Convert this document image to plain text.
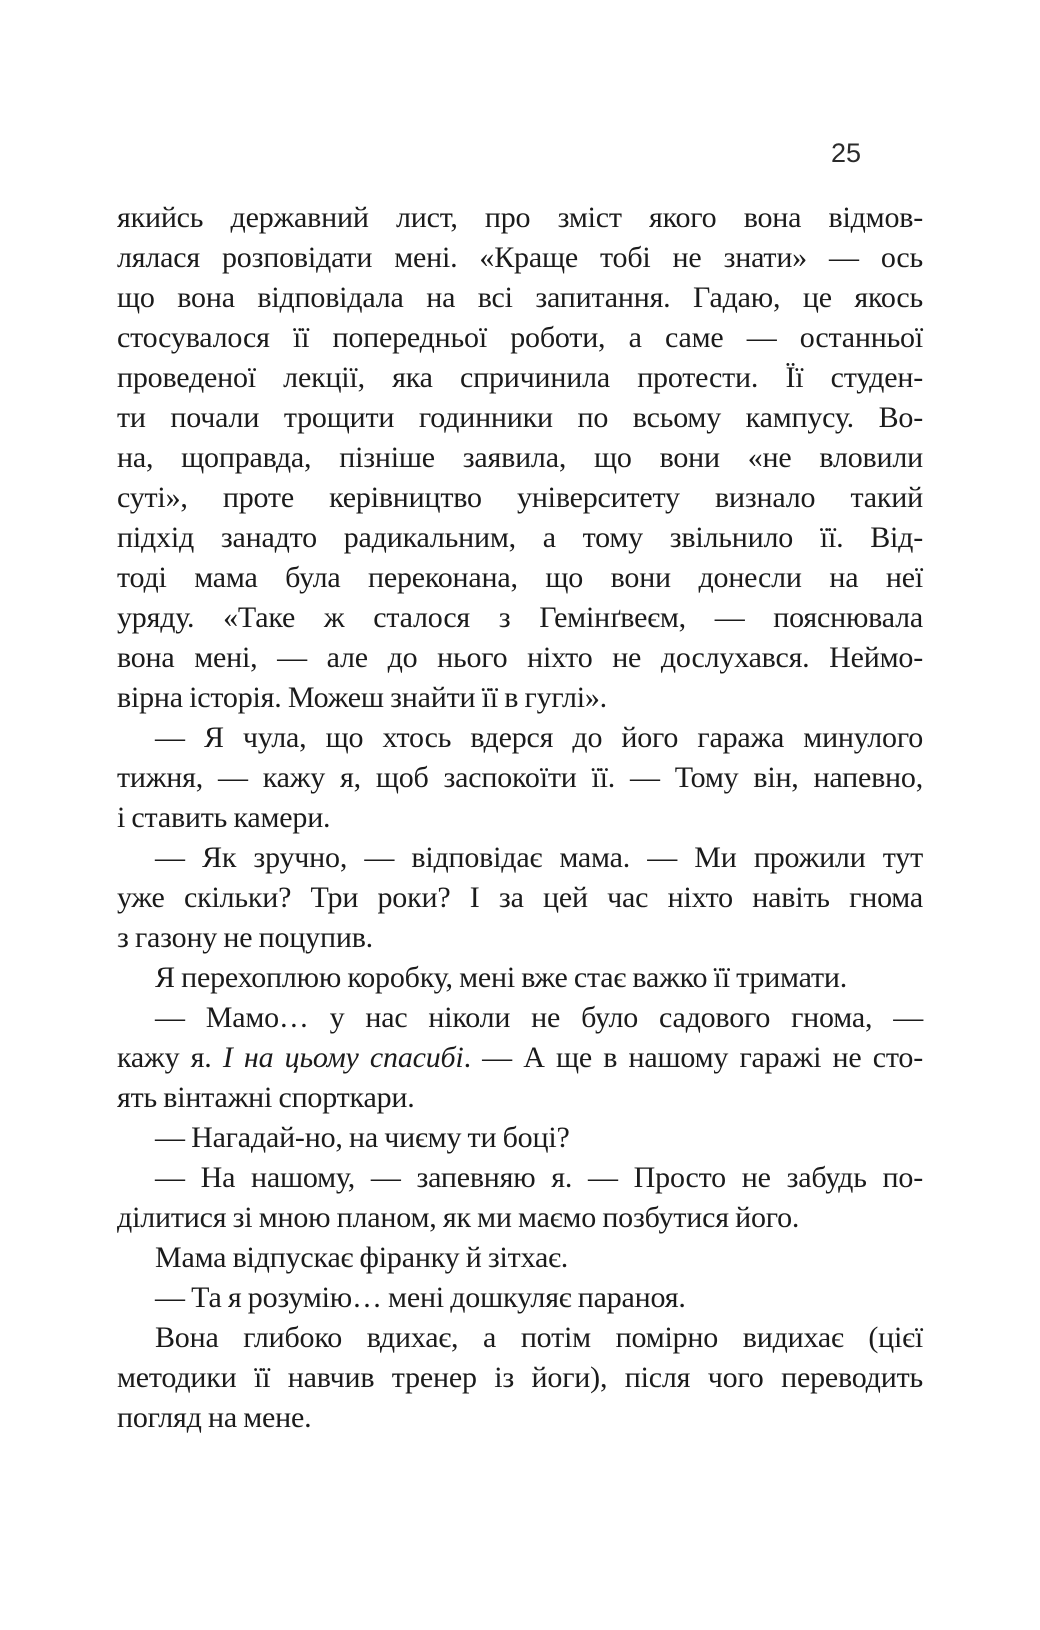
25
якийсь державний лист, про зміст якого вона відмов-
лялася розповідати мені. «Краще тобі не знати» — ось
що вона відповідала на всі запитання. Гадаю, це якось
стосувалося її попередньої роботи, а саме — останньої
проведеної лекції, яка спричинила протести. Її студен-
ти почали трощити годинники по всьому кампусу. Во-
на, щоправда, пізніше заявила, що вони «не вловили
суті», проте керівництво університету визнало такий
підхід занадто радикальним, а тому звільнило її. Від-
тоді мама була переконана, що вони донесли на неї
уряду. «Таке ж сталося з Гемінґвеєм, — пояснювала
вона мені, — але до нього ніхто не дослухався. Неймо-
вірна історія. Можеш знайти її в гуглі».
— Я чула, що хтось вдерся до його гаража минулого
тижня, — кажу я, щоб заспокоїти її. — Тому він, напевно,
і ставить камери.
— Як зручно, — відповідає мама. — Ми прожили тут
уже скільки? Три роки? І за цей час ніхто навіть гнома
з газону не поцупив.
Я перехоплюю коробку, мені вже стає важко її тримати.
— Мамо… у нас ніколи не було садового гнома, —
кажу я. І на цьому спасибі. — А ще в нашому гаражі не сто-
ять вінтажні спорткари.
— Нагадай-но, на чиєму ти боці?
— На нашому, — запевняю я. — Просто не забудь по-
ділитися зі мною планом, як ми маємо позбутися його.
Мама відпускає фіранку й зітхає.
— Та я розумію… мені дошкуляє параноя.
Вона глибоко вдихає, а потім помірно видихає (цієї
методики її навчив тренер із йоги), після чого переводить
погляд на мене.
